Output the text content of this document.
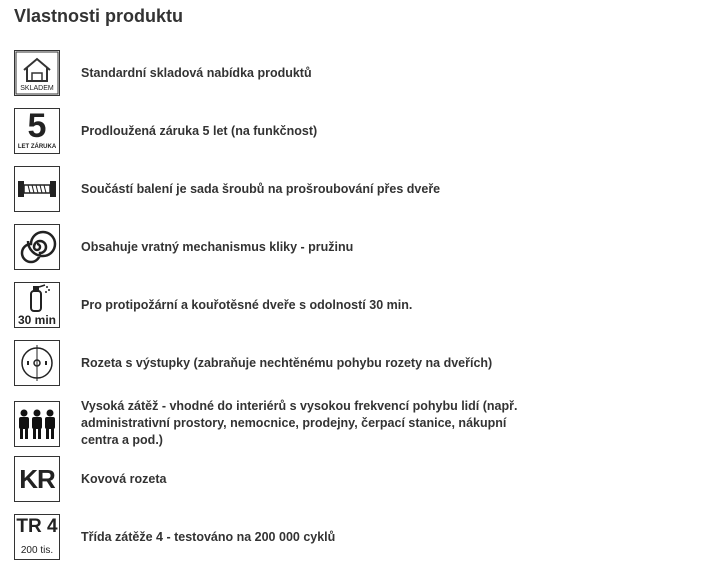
Vlastnosti produktu
SKLADEM
Standardní skladová nabídka produktů
5
LET ZÁRUKA
Prodloužená záruka 5 let (na funkčnost)
Součástí balení je sada šroubů na prošroubování přes dveře
Obsahuje vratný mechanismus kliky - pružinu
30 min
Pro protipožární a kouřotěsné dveře s odolností 30 min.
Rozeta s výstupky (zabraňuje nechtěnému pohybu rozety na dveřích)
Vysoká zátěž - vhodné do interiérů s vysokou frekvencí pohybu lidí (např. administrativní prostory, nemocnice, prodejny, čerpací stanice, nákupní centra a pod.)
KR Kovová rozeta
TR 4
200 tis.
Třída zátěže 4 - testováno na 200 000 cyklů
